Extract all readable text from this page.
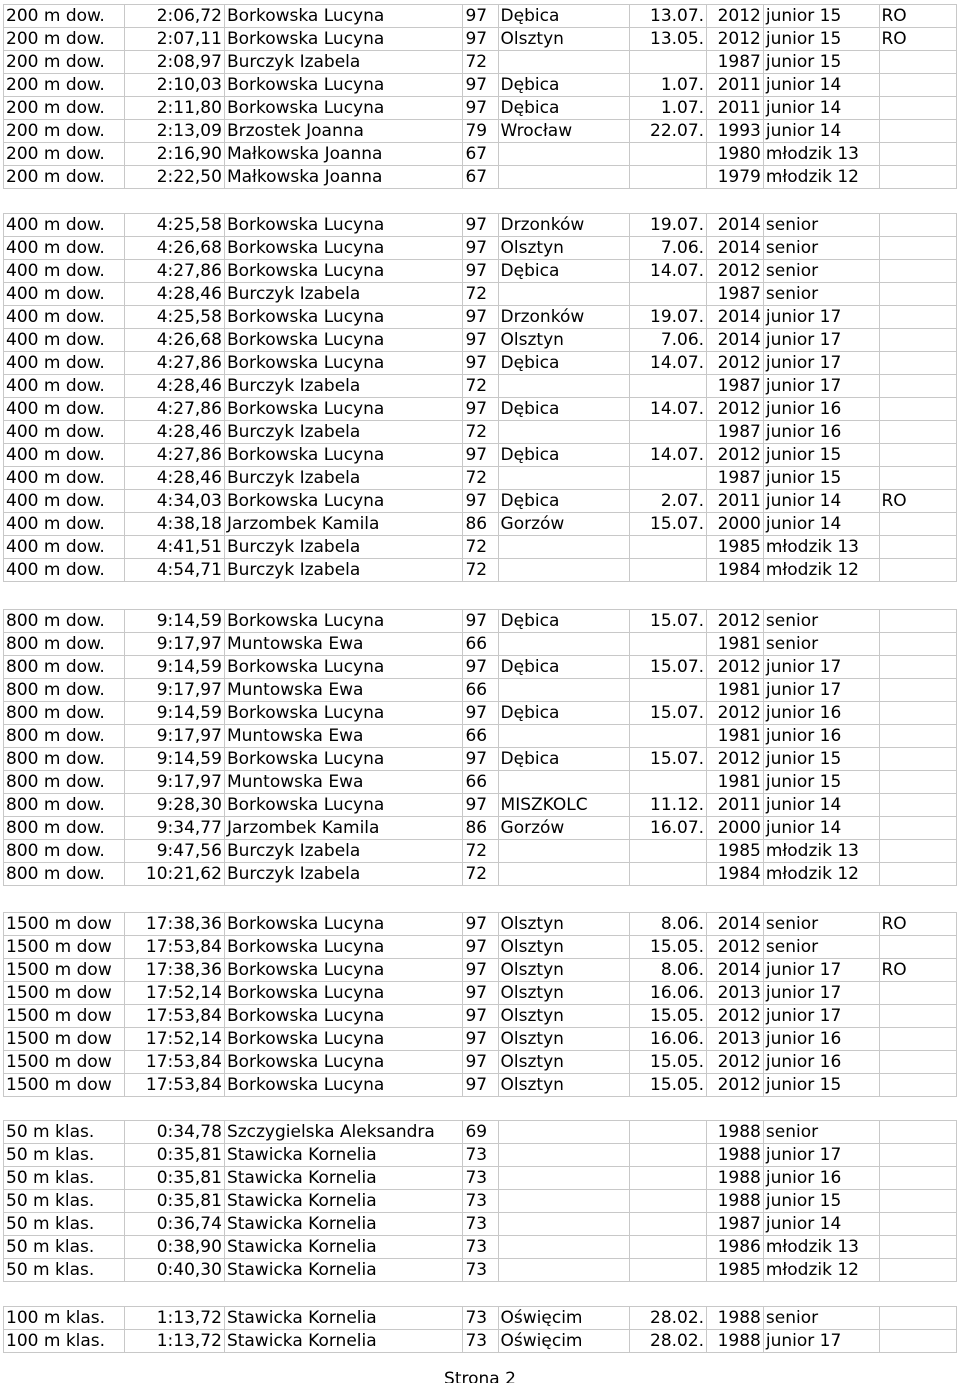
200 m dow.	2:06,72	Borkowska Lucyna	97	Dębica	13.07.	2012	junior 15	RO
200 m dow.	2:07,11	Borkowska Lucyna	97	Olsztyn	13.05.	2012	junior 15	RO
200 m dow.	2:08,97	Burczyk Izabela	72			1987	junior 15	
200 m dow.	2:10,03	Borkowska Lucyna	97	Dębica	1.07.	2011	junior 14	
200 m dow.	2:11,80	Borkowska Lucyna	97	Dębica	1.07.	2011	junior 14	
200 m dow.	2:13,09	Brzostek Joanna	79	Wrocław	22.07.	1993	junior 14	
200 m dow.	2:16,90	Małkowska Joanna	67			1980	młodzik 13	
200 m dow.	2:22,50	Małkowska Joanna	67			1979	młodzik 12	
400 m dow.	4:25,58	Borkowska Lucyna	97	Drzonków	19.07.	2014	senior	
400 m dow.	4:26,68	Borkowska Lucyna	97	Olsztyn	7.06.	2014	senior	
400 m dow.	4:27,86	Borkowska Lucyna	97	Dębica	14.07.	2012	senior	
400 m dow.	4:28,46	Burczyk Izabela	72			1987	senior	
400 m dow.	4:25,58	Borkowska Lucyna	97	Drzonków	19.07.	2014	junior 17	
400 m dow.	4:26,68	Borkowska Lucyna	97	Olsztyn	7.06.	2014	junior 17	
400 m dow.	4:27,86	Borkowska Lucyna	97	Dębica	14.07.	2012	junior 17	
400 m dow.	4:28,46	Burczyk Izabela	72			1987	junior 17	
400 m dow.	4:27,86	Borkowska Lucyna	97	Dębica	14.07.	2012	junior 16	
400 m dow.	4:28,46	Burczyk Izabela	72			1987	junior 16	
400 m dow.	4:27,86	Borkowska Lucyna	97	Dębica	14.07.	2012	junior 15	
400 m dow.	4:28,46	Burczyk Izabela	72			1987	junior 15	
400 m dow.	4:34,03	Borkowska Lucyna	97	Dębica	2.07.	2011	junior 14	RO
400 m dow.	4:38,18	Jarzombek Kamila	86	Gorzów	15.07.	2000	junior 14	
400 m dow.	4:41,51	Burczyk Izabela	72			1985	młodzik 13	
400 m dow.	4:54,71	Burczyk Izabela	72			1984	młodzik 12	
800 m dow.	9:14,59	Borkowska Lucyna	97	Dębica	15.07.	2012	senior	
800 m dow.	9:17,97	Muntowska Ewa	66			1981	senior	
800 m dow.	9:14,59	Borkowska Lucyna	97	Dębica	15.07.	2012	junior 17	
800 m dow.	9:17,97	Muntowska Ewa	66			1981	junior 17	
800 m dow.	9:14,59	Borkowska Lucyna	97	Dębica	15.07.	2012	junior 16	
800 m dow.	9:17,97	Muntowska Ewa	66			1981	junior 16	
800 m dow.	9:14,59	Borkowska Lucyna	97	Dębica	15.07.	2012	junior 15	
800 m dow.	9:17,97	Muntowska Ewa	66			1981	junior 15	
800 m dow.	9:28,30	Borkowska Lucyna	97	MISZKOLC	11.12.	2011	junior 14	
800 m dow.	9:34,77	Jarzombek Kamila	86	Gorzów	16.07.	2000	junior 14	
800 m dow.	9:47,56	Burczyk Izabela	72			1985	młodzik 13	
800 m dow.	10:21,62	Burczyk Izabela	72			1984	młodzik 12	
1500 m dow	17:38,36	Borkowska Lucyna	97	Olsztyn	8.06.	2014	senior	RO
1500 m dow	17:53,84	Borkowska Lucyna	97	Olsztyn	15.05.	2012	senior	
1500 m dow	17:38,36	Borkowska Lucyna	97	Olsztyn	8.06.	2014	junior 17	RO
1500 m dow	17:52,14	Borkowska Lucyna	97	Olsztyn	16.06.	2013	junior 17	
1500 m dow	17:53,84	Borkowska Lucyna	97	Olsztyn	15.05.	2012	junior 17	
1500 m dow	17:52,14	Borkowska Lucyna	97	Olsztyn	16.06.	2013	junior 16	
1500 m dow	17:53,84	Borkowska Lucyna	97	Olsztyn	15.05.	2012	junior 16	
1500 m dow	17:53,84	Borkowska Lucyna	97	Olsztyn	15.05.	2012	junior 15	
50 m klas.	0:34,78	Szczygielska Aleksandra	69			1988	senior	
50 m klas.	0:35,81	Stawicka Kornelia	73			1988	junior 17	
50 m klas.	0:35,81	Stawicka Kornelia	73			1988	junior 16	
50 m klas.	0:35,81	Stawicka Kornelia	73			1988	junior 15	
50 m klas.	0:36,74	Stawicka Kornelia	73			1987	junior 14	
50 m klas.	0:38,90	Stawicka Kornelia	73			1986	młodzik 13	
50 m klas.	0:40,30	Stawicka Kornelia	73			1985	młodzik 12	
100 m klas.	1:13,72	Stawicka Kornelia	73	Oświęcim	28.02.	1988	senior	
100 m klas.	1:13,72	Stawicka Kornelia	73	Oświęcim	28.02.	1988	junior 17	
Strona 2
